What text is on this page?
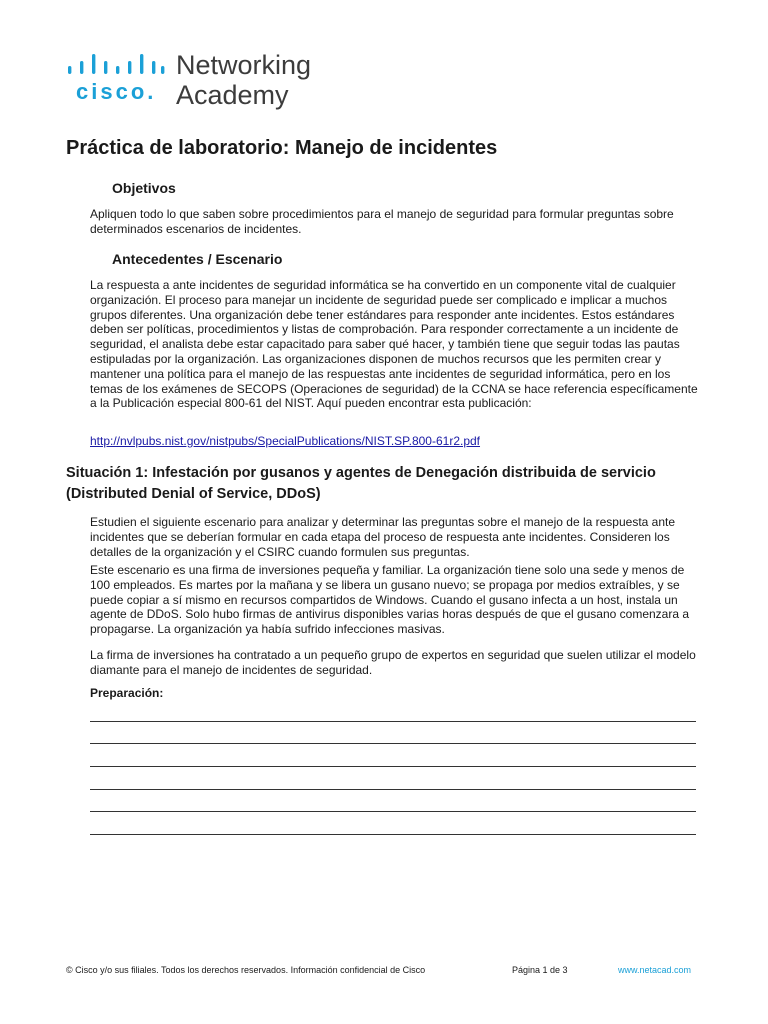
cisco.
Networking
Academy
Práctica de laboratorio: Manejo de incidentes
Objetivos

Apliquen todo lo que saben sobre procedimientos para el manejo de seguridad para formular preguntas sobre determinados escenarios de incidentes.

Antecedentes / Escenario

La respuesta a ante incidentes de seguridad informática se ha convertido en un componente vital de cualquier organización. El proceso para manejar un incidente de seguridad puede ser complicado e implicar a muchos grupos diferentes. Una organización debe tener estándares para responder ante incidentes. Estos estándares deben ser políticas, procedimientos y listas de comprobación. Para responder correctamente a un incidente de seguridad, el analista debe estar capacitado para saber qué hacer, y también tiene que seguir todas las pautas estipuladas por la organización. Las organizaciones disponen de muchos recursos que les permiten crear y mantener una política para el manejo de las respuestas ante incidentes de seguridad informática, pero en los temas de los exámenes de SECOPS (Operaciones de seguridad) de la CCNA se hace referencia específicamente a la Publicación especial 800-61 del NIST. Aquí pueden encontrar esta publicación:

http://nvlpubs.nist.gov/nistpubs/SpecialPublications/NIST.SP.800-61r2.pdf
Situación 1: Infestación por gusanos y agentes de Denegación distribuida de servicio (Distributed Denial of Service, DDoS)

Estudien el siguiente escenario para analizar y determinar las preguntas sobre el manejo de la respuesta ante incidentes que se deberían formular en cada etapa del proceso de respuesta ante incidentes. Consideren los detalles de la organización y el CSIRC cuando formulen sus preguntas.

Este escenario es una firma de inversiones pequeña y familiar. La organización tiene solo una sede y menos de 100 empleados. Es martes por la mañana y se libera un gusano nuevo; se propaga por medios extraíbles, y se puede copiar a sí mismo en recursos compartidos de Windows. Cuando el gusano infecta a un host, instala un agente de DDoS. Solo hubo firmas de antivirus disponibles varias horas después de que el gusano comenzara a propagarse. La organización ya había sufrido infecciones masivas.

La firma de inversiones ha contratado a un pequeño grupo de expertos en seguridad que suelen utilizar el modelo diamante para el manejo de incidentes de seguridad.

Preparación:

© Cisco y/o sus filiales. Todos los derechos reservados. Información confidencial de Cisco	Página 1 de 3	www.netacad.com
